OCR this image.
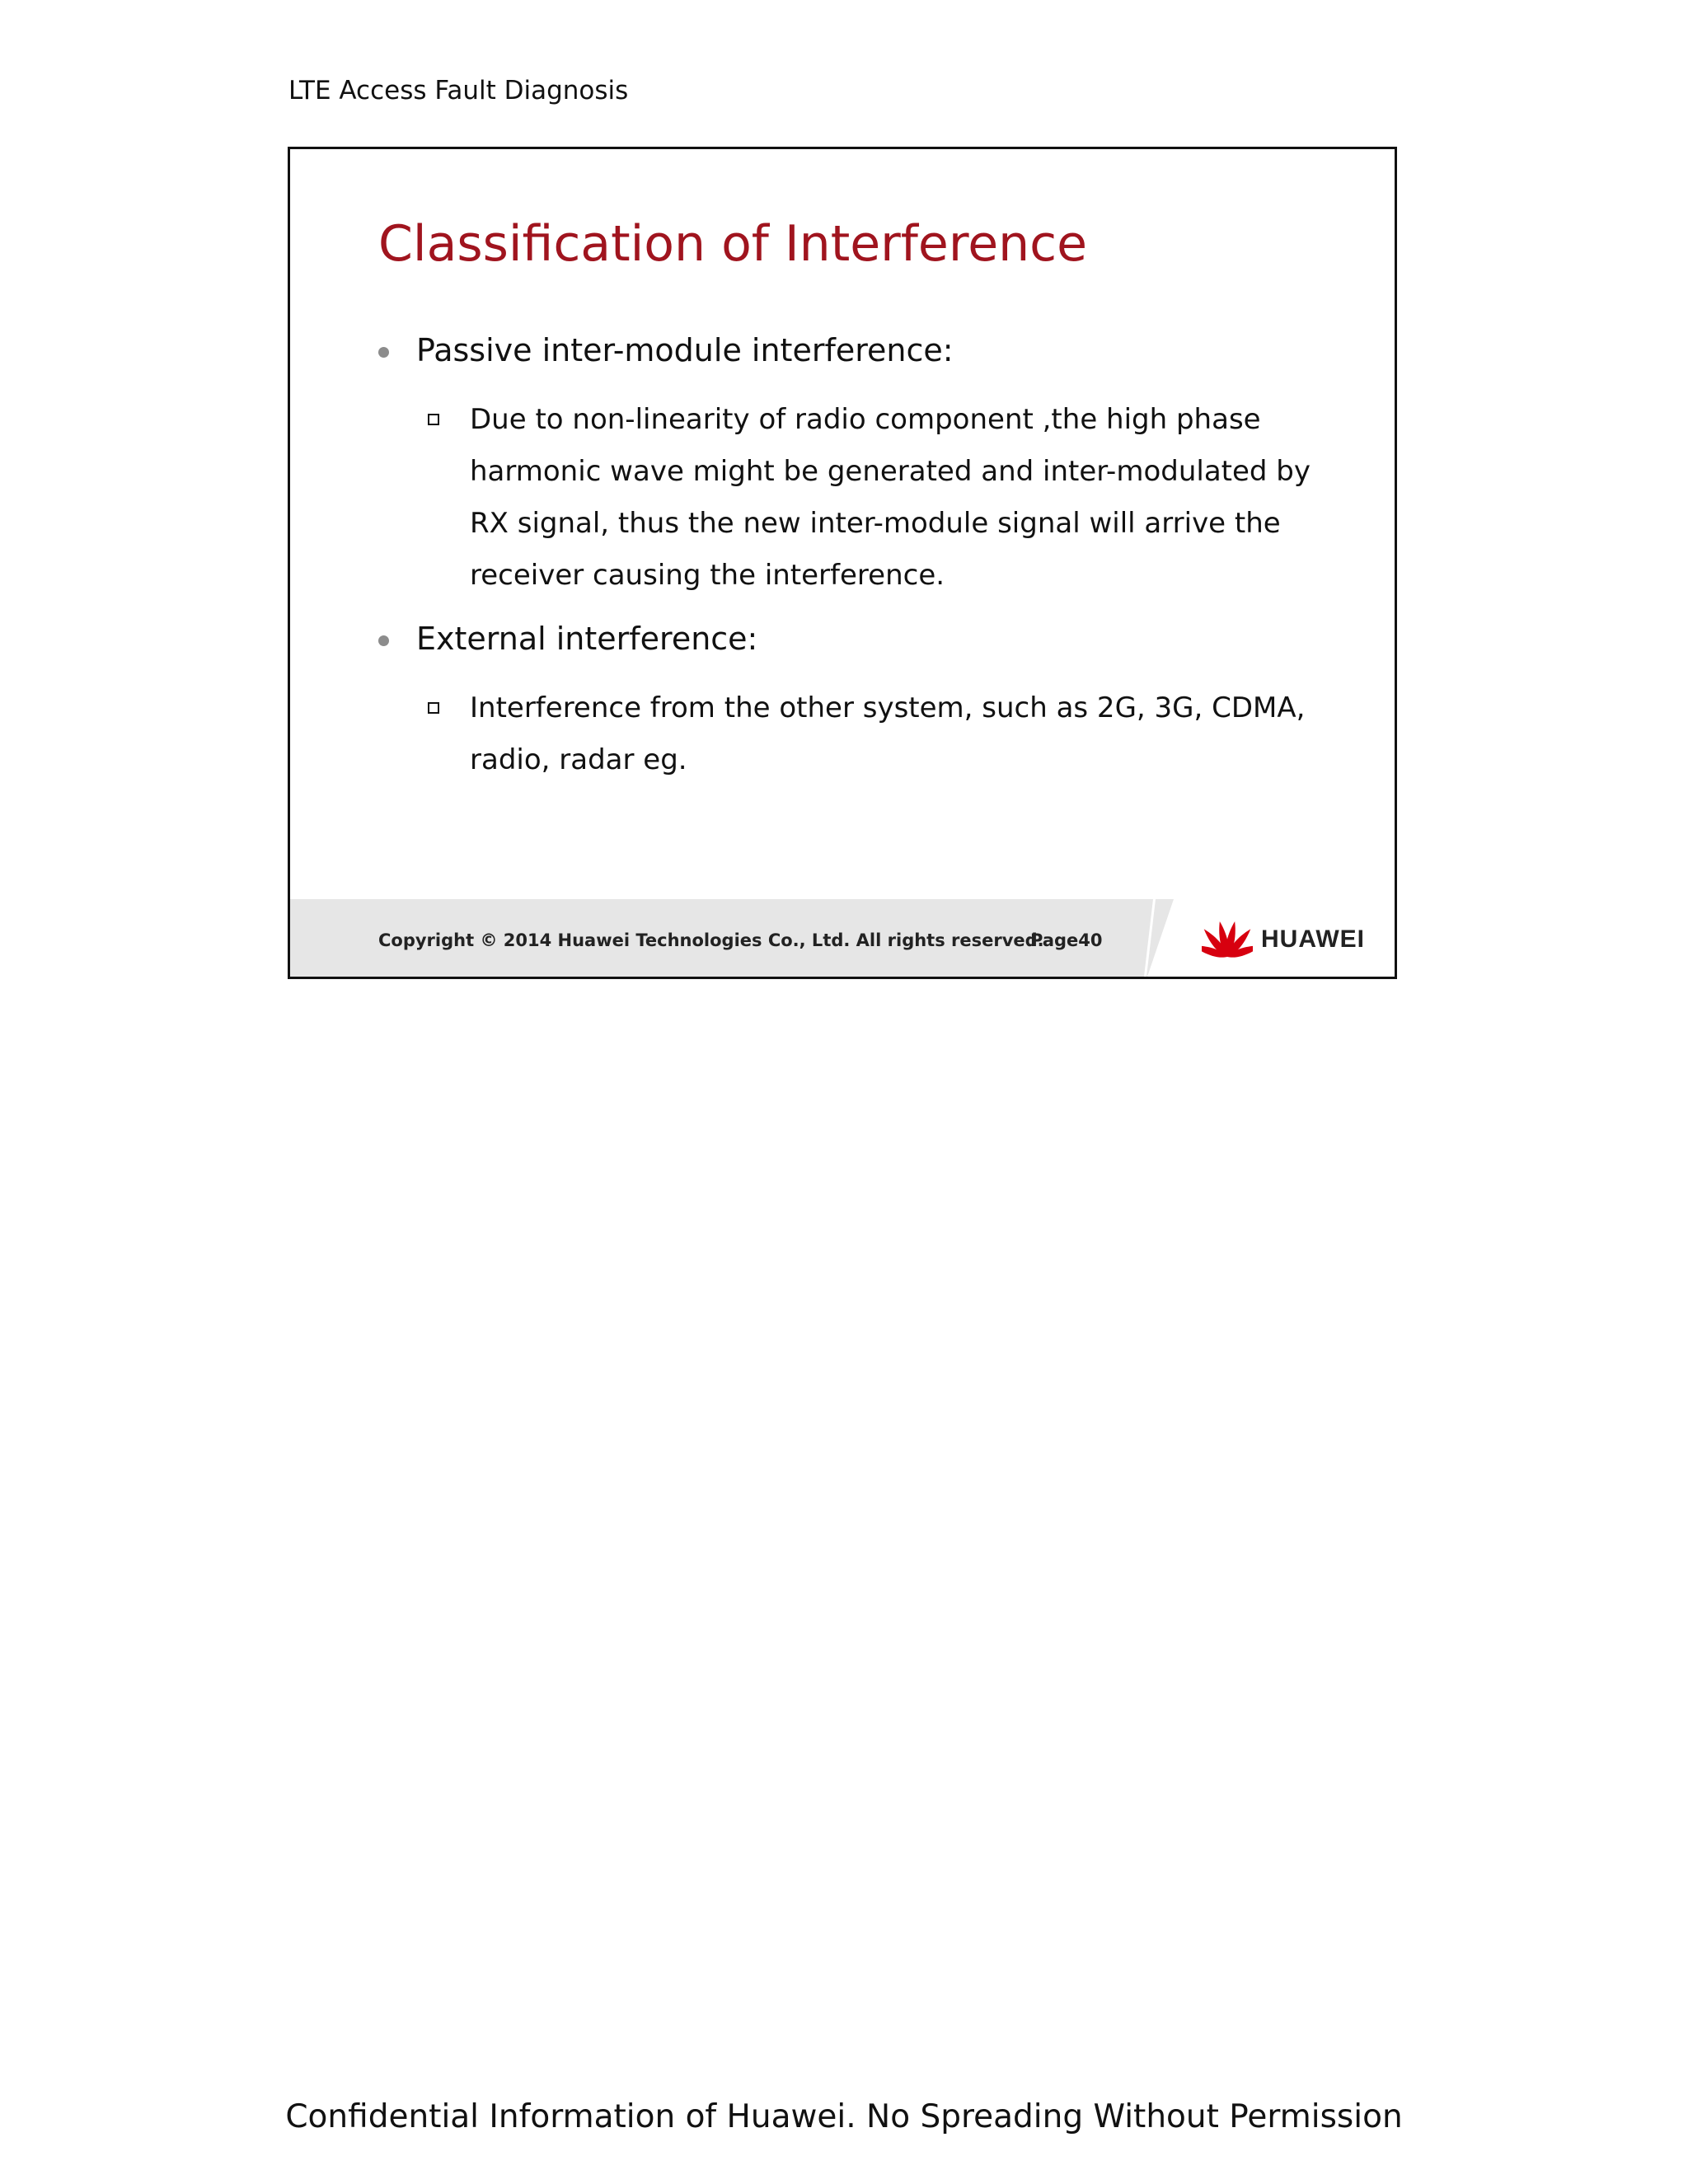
LTE Access Fault Diagnosis
Classification of Interference
Passive inter-module interference:
Due to non-linearity of radio component ,the high phase harmonic wave might be generated and inter-modulated by RX signal, thus the new inter-module signal will arrive the receiver causing the interference.
External interference:
Interference from the other system, such as 2G, 3G, CDMA, radio, radar eg.
Copyright © 2014 Huawei Technologies Co., Ltd. All rights reserved.
Page40	HUAWEI
Confidential Information of Huawei. No Spreading Without Permission
